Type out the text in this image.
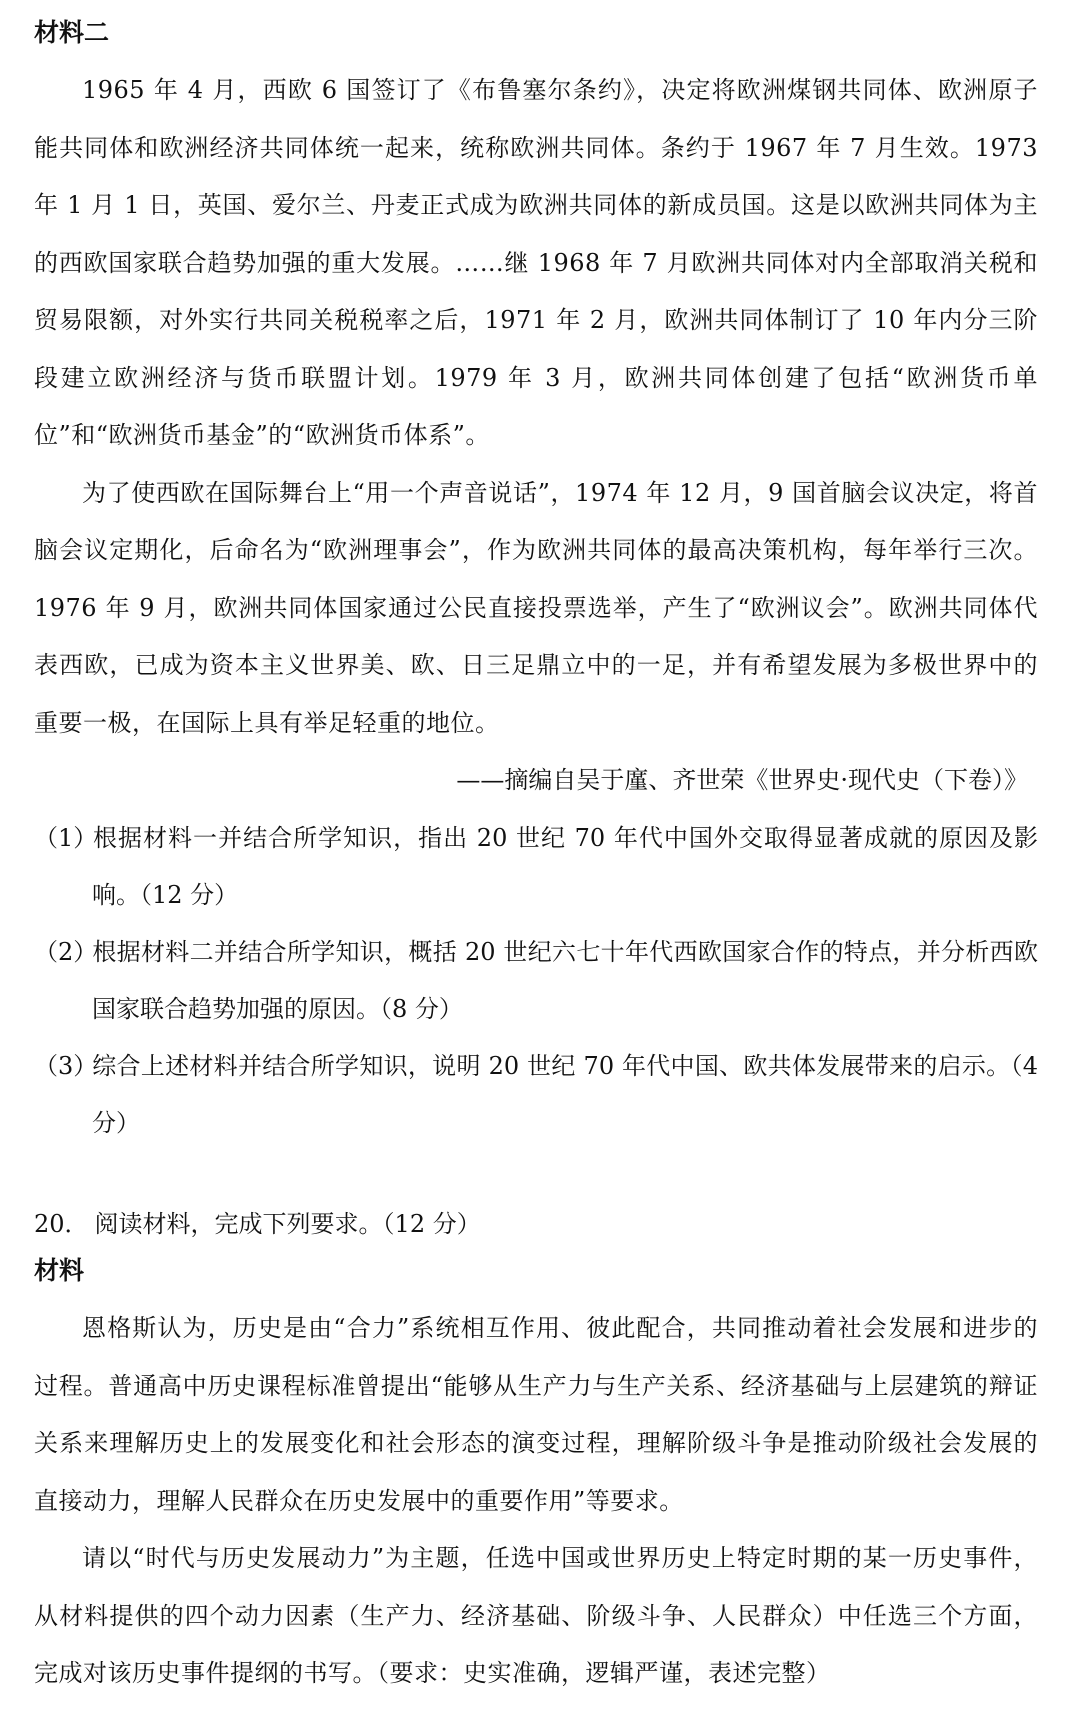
材料二

1965 年 4 月，西欧 6 国签订了《布鲁塞尔条约》，决定将欧洲煤钢共同体、欧洲原子能共同体和欧洲经济共同体统一起来，统称欧洲共同体。条约于 1967 年 7 月生效。1973 年 1 月 1 日，英国、爱尔兰、丹麦正式成为欧洲共同体的新成员国。这是以欧洲共同体为主的西欧国家联合趋势加强的重大发展。……继 1968 年 7 月欧洲共同体对内全部取消关税和贸易限额，对外实行共同关税税率之后，1971 年 2 月，欧洲共同体制订了 10 年内分三阶段建立欧洲经济与货币联盟计划。1979 年 3 月，欧洲共同体创建了包括“欧洲货币单位”和“欧洲货币基金”的“欧洲货币体系”。

为了使西欧在国际舞台上“用一个声音说话”，1974 年 12 月，9 国首脑会议决定，将首脑会议定期化，后命名为“欧洲理事会”，作为欧洲共同体的最高决策机构，每年举行三次。1976 年 9 月，欧洲共同体国家通过公民直接投票选举，产生了“欧洲议会”。欧洲共同体代表西欧，已成为资本主义世界美、欧、日三足鼎立中的一足，并有希望发展为多极世界中的重要一极，在国际上具有举足轻重的地位。

——摘编自吴于廑、齐世荣《世界史·现代史（下卷）》

（1）根据材料一并结合所学知识，指出 20 世纪 70 年代中国外交取得显著成就的原因及影响。（12 分）

（2）根据材料二并结合所学知识，概括 20 世纪六七十年代西欧国家合作的特点，并分析西欧国家联合趋势加强的原因。（8 分）

（3）综合上述材料并结合所学知识，说明 20 世纪 70 年代中国、欧共体发展带来的启示。（4 分）

20． 阅读材料，完成下列要求。（12 分）
材料

恩格斯认为，历史是由“合力”系统相互作用、彼此配合，共同推动着社会发展和进步的过程。普通高中历史课程标准曾提出“能够从生产力与生产关系、经济基础与上层建筑的辩证关系来理解历史上的发展变化和社会形态的演变过程，理解阶级斗争是推动阶级社会发展的直接动力，理解人民群众在历史发展中的重要作用”等要求。

请以“时代与历史发展动力”为主题，任选中国或世界历史上特定时期的某一历史事件，从材料提供的四个动力因素（生产力、经济基础、阶级斗争、人民群众）中任选三个方面，完成对该历史事件提纲的书写。（要求：史实准确，逻辑严谨，表述完整）
